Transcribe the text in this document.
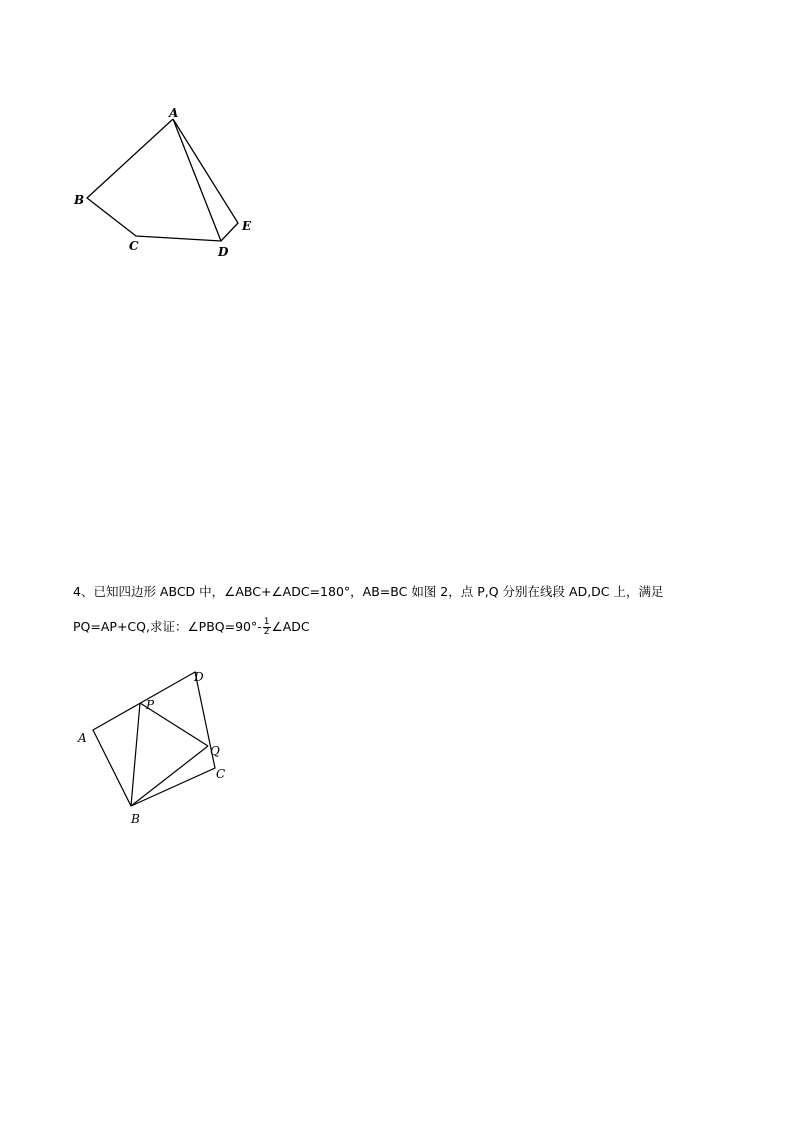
A
B
C	D
E
4、已知四边形 ABCD 中，∠ABC+∠ADC=180°，AB=BC 如图 2，点 P,Q 分别在线段 AD,DC 上，满足
PQ=AP+CQ,求证：∠PBQ=90°- $\frac{1}{2}$ ∠ADC
A
B
C
D
P
Q
